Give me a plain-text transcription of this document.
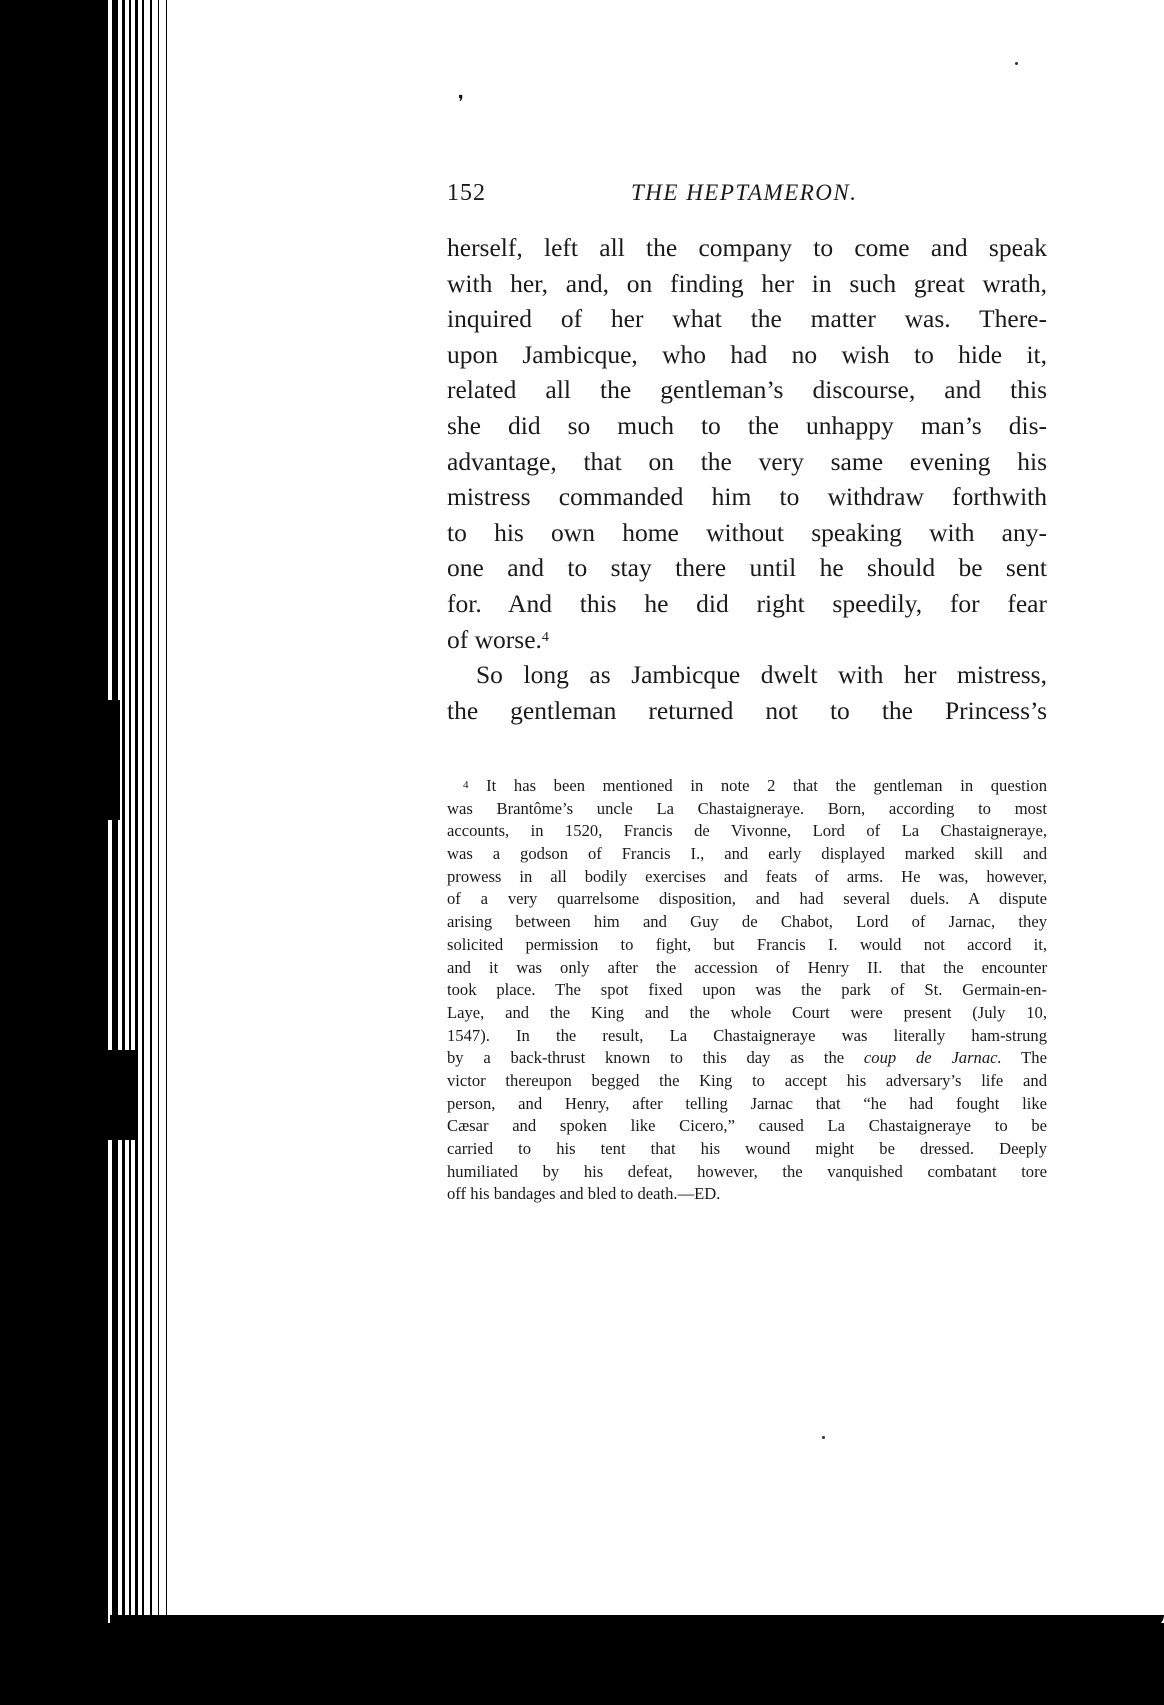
❜
152	THE HEPTAMERON.
herself, left all the company to come and speak
with her, and, on finding her in such great wrath,
inquired of her what the matter was. There-
upon Jambicque, who had no wish to hide it,
related all the gentleman’s discourse, and this
she did so much to the unhappy man’s dis-
advantage, that on the very same evening his
mistress commanded him to withdraw forthwith
to his own home without speaking with any-
one and to stay there until he should be sent
for. And this he did right speedily, for fear
of worse.$^4$
So long as Jambicque dwelt with her mistress,
the gentleman returned not to the Princess’s
$^4$ It has been mentioned in note 2 that the gentleman in question
was Brantôme’s uncle La Chastaigneraye. Born, according to most
accounts, in 1520, Francis de Vivonne, Lord of La Chastaigneraye,
was a godson of Francis I., and early displayed marked skill and
prowess in all bodily exercises and feats of arms. He was, however,
of a very quarrelsome disposition, and had several duels. A dispute
arising between him and Guy de Chabot, Lord of Jarnac, they
solicited permission to fight, but Francis I. would not accord it,
and it was only after the accession of Henry II. that the encounter
took place. The spot fixed upon was the park of St. Germain-en-
Laye, and the King and the whole Court were present (July 10,
1547). In the result, La Chastaigneraye was literally ham-strung
by a back-thrust known to this day as the coup de Jarnac. The
victor thereupon begged the King to accept his adversary’s life and
person, and Henry, after telling Jarnac that “he had fought like
Cæsar and spoken like Cicero,” caused La Chastaigneraye to be
carried to his tent that his wound might be dressed. Deeply
humiliated by his defeat, however, the vanquished combatant tore
off his bandages and bled to death.—ED.
